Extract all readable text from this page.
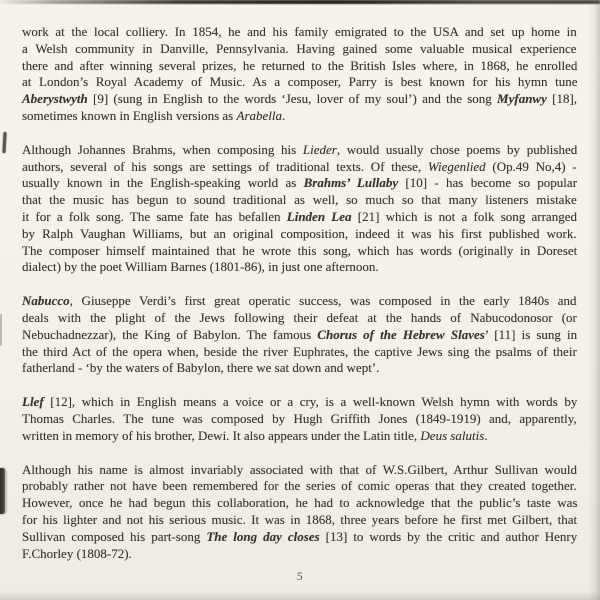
work at the local colliery. In 1854, he and his family emigrated to the USA and set up home in
a Welsh community in Danville, Pennsylvania. Having gained some valuable musical experience
there and after winning several prizes, he returned to the British Isles where, in 1868, he enrolled
at London’s Royal Academy of Music. As a composer, Parry is best known for his hymn tune
Aberystwyth [9] (sung in English to the words ‘Jesu, lover of my soul’) and the song Myfanwy [18],
sometimes known in English versions as Arabella.
Although Johannes Brahms, when composing his Lieder, would usually chose poems by published
authors, several of his songs are settings of traditional texts. Of these, Wiegenlied (Op.49 No,4) -
usually known in the English-speaking world as Brahms’ Lullaby [10] - has become so popular
that the music has begun to sound traditional as well, so much so that many listeners mistake
it for a folk song. The same fate has befallen Linden Lea [21] which is not a folk song arranged
by Ralph Vaughan Williams, but an original composition, indeed it was his first published work.
The composer himself maintained that he wrote this song, which has words (originally in Doreset
dialect) by the poet William Barnes (1801-86), in just one afternoon.
Nabucco, Giuseppe Verdi’s first great operatic success, was composed in the early 1840s and
deals with the plight of the Jews following their defeat at the hands of Nabucodonosor (or
Nebuchadnezzar), the King of Babylon. The famous Chorus of the Hebrew Slaves’ [11] is sung in
the third Act of the opera when, beside the river Euphrates, the captive Jews sing the psalms of their
fatherland - ‘by the waters of Babylon, there we sat down and wept’.
Llef [12], which in English means a voice or a cry, is a well-known Welsh hymn with words by
Thomas Charles. The tune was composed by Hugh Griffith Jones (1849-1919) and, apparently,
written in memory of his brother, Dewi. It also appears under the Latin title, Deus salutis.
Although his name is almost invariably associated with that of W.S.Gilbert, Arthur Sullivan would
probably rather not have been remembered for the series of comic operas that they created together.
However, once he had begun this collaboration, he had to acknowledge that the public’s taste was
for his lighter and not his serious music. It was in 1868, three years before he first met Gilbert, that
Sullivan composed his part-song The long day closes [13] to words by the critic and author Henry
F.Chorley (1808-72).
5
